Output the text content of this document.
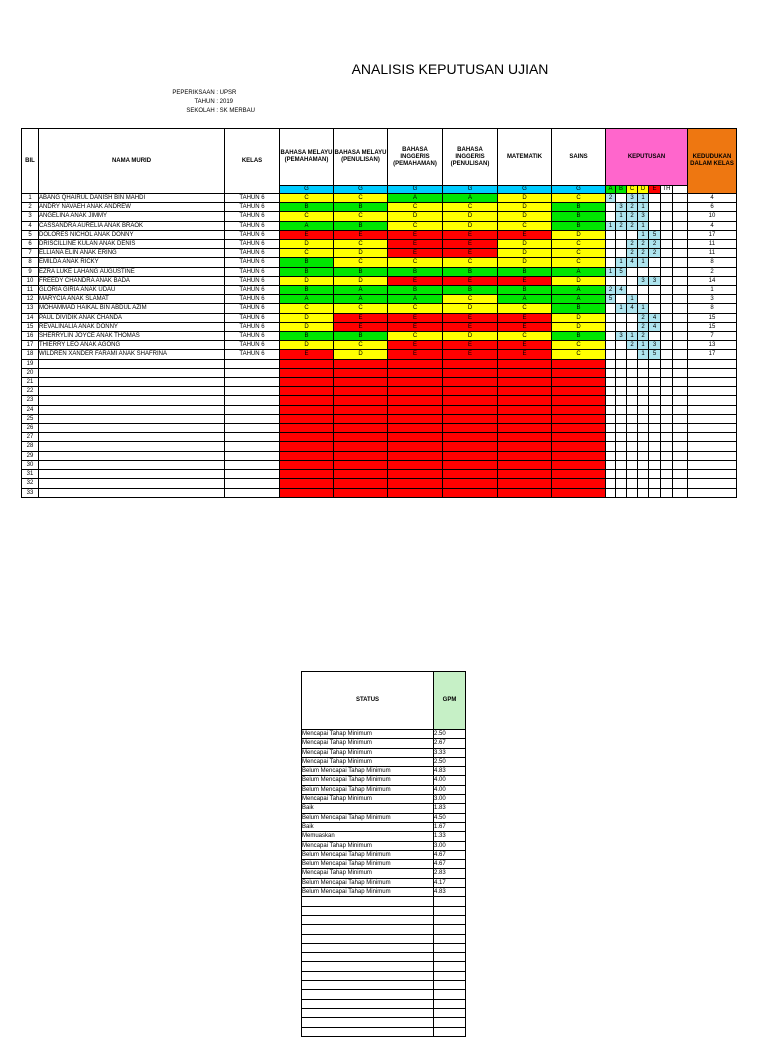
ANALISIS KEPUTUSAN UJIAN
PEPERIKSAAN : UPSR
TAHUN : 2019
SEKOLAH : SK MERBAU
BIL	NAMA MURID	KELAS	BAHASA MELAYU (PEMAHAMAN)	BAHASA MELAYU (PENULISAN)	BAHASA INGGERIS (PEMAHAMAN)	BAHASA INGGERIS (PENULISAN)	MATEMATIK	SAINS	KEPUTUSAN							KEDUDUKAN DALAM KELAS
			G	G	G	G	G	G	A	B	C	D	E	TH		
1	ABANG QHAIRUL DANISH BIN MAHDI	TAHUN 6	C	C	A	A	D	C	2		3	1				4
2	ANDRY NAVAEH ANAK ANDREW	TAHUN 6	B	B	C	C	D	B		3	2	1				6
3	ANGELINA ANAK JIMMY	TAHUN 6	C	C	D	D	D	B		1	2	3				10
4	CASSANDRA AURELIA ANAK BRAOK	TAHUN 6	A	B	C	D	C	B	1	2	2	1				4
5	DOLORES NICHOL ANAK DONNY	TAHUN 6	E	E	E	E	E	D				1	5			17
6	DRISCILLINE KULAN ANAK DENIS	TAHUN 6	D	C	E	E	D	C			2	2	2			11
7	ELLIANA ELIN ANAK ERING	TAHUN 6	C	D	E	E	D	C			2	2	2			11
8	EMILDA ANAK RICKY	TAHUN 6	B	C	C	C	D	C		1	4	1				8
9	EZRA LUKE LAHANG AUGUSTINE	TAHUN 6	B	B	B	B	B	A	1	5						2
10	FREEDY CHANDRA ANAK BADA	TAHUN 6	D	D	E	E	E	D				3	3			14
11	GLORIA GIRIA ANAK UDAU	TAHUN 6	B	A	B	B	B	A	2	4						1
12	MARYCIA ANAK SLAMAT	TAHUN 6	A	A	A	C	A	A	5		1					3
13	MOHAMMAD HAIKAL BIN ABDUL AZIM	TAHUN 6	C	C	C	D	C	B		1	4	1				8
14	PAUL DIVIDIK ANAK CHANDA	TAHUN 6	D	E	E	E	E	D				2	4			15
15	REVALINALIA ANAK DONNY	TAHUN 6	D	E	E	E	E	D				2	4			15
16	SHERRYLIN JOYCE ANAK THOMAS	TAHUN 6	B	B	C	D	C	B		3	1	2				7
17	THIERRY LEO ANAK AGONG	TAHUN 6	D	C	E	E	E	C			2	1	3			13
18	WILDREN XANDER FARAMI ANAK SHAFRINA	TAHUN 6	E	D	E	E	E	C				1	5			17
19																
20																
21																
22																
23																
24																
25																
26																
27																
28																
29																
30																
31																
32																
33																
STATUS	GPM
Mencapai Tahap Minimum	2.50
Mencapai Tahap Minimum	2.67
Mencapai Tahap Minimum	3.33
Mencapai Tahap Minimum	2.50
Belum Mencapai Tahap Minimum	4.83
Belum Mencapai Tahap Minimum	4.00
Belum Mencapai Tahap Minimum	4.00
Mencapai Tahap Minimum	3.00
Baik	1.83
Belum Mencapai Tahap Minimum	4.50
Baik	1.67
Memuaskan	1.33
Mencapai Tahap Minimum	3.00
Belum Mencapai Tahap Minimum	4.67
Belum Mencapai Tahap Minimum	4.67
Mencapai Tahap Minimum	2.83
Belum Mencapai Tahap Minimum	4.17
Belum Mencapai Tahap Minimum	4.83
